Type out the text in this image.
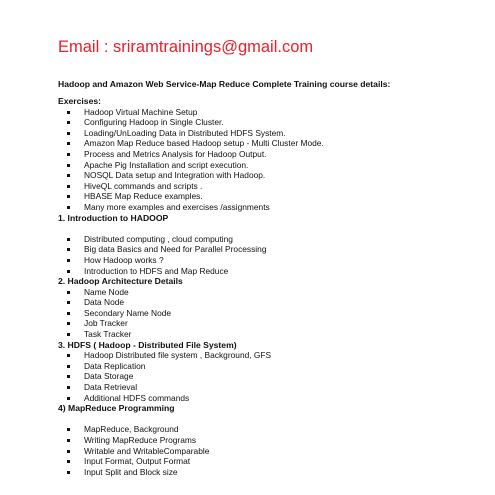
Email : sriramtrainings@gmail.com
Hadoop and Amazon Web Service-Map Reduce Complete Training course details:
Exercises:
Hadoop Virtual Machine Setup
Configuring Hadoop in Single Cluster.
Loading/UnLoading Data in Distributed HDFS System.
Amazon Map Reduce based Hadoop setup - Multi Cluster Mode.
Process and Metrics Analysis for Hadoop Output.
Apache Pig Installation and script execution.
NOSQL Data setup and Integration with Hadoop.
HiveQL commands and scripts .
HBASE Map Reduce examples.
Many more examples and exercises /assignments
1. Introduction to HADOOP
Distributed computing , cloud computing
Big data Basics and Need for Parallel Processing
How Hadoop works ?
Introduction to HDFS and Map Reduce
2. Hadoop Architecture Details
Name Node
Data Node
Secondary Name Node
Job Tracker
Task Tracker
3. HDFS ( Hadoop - Distributed File System)
Hadoop Distributed file system , Background, GFS
Data Replication
Data Storage
Data Retrieval
Additional HDFS commands
4) MapReduce Programming
MapReduce, Background
Writing MapReduce Programs
Writable and WritableComparable
Input Format, Output Format
Input Split and Block size
